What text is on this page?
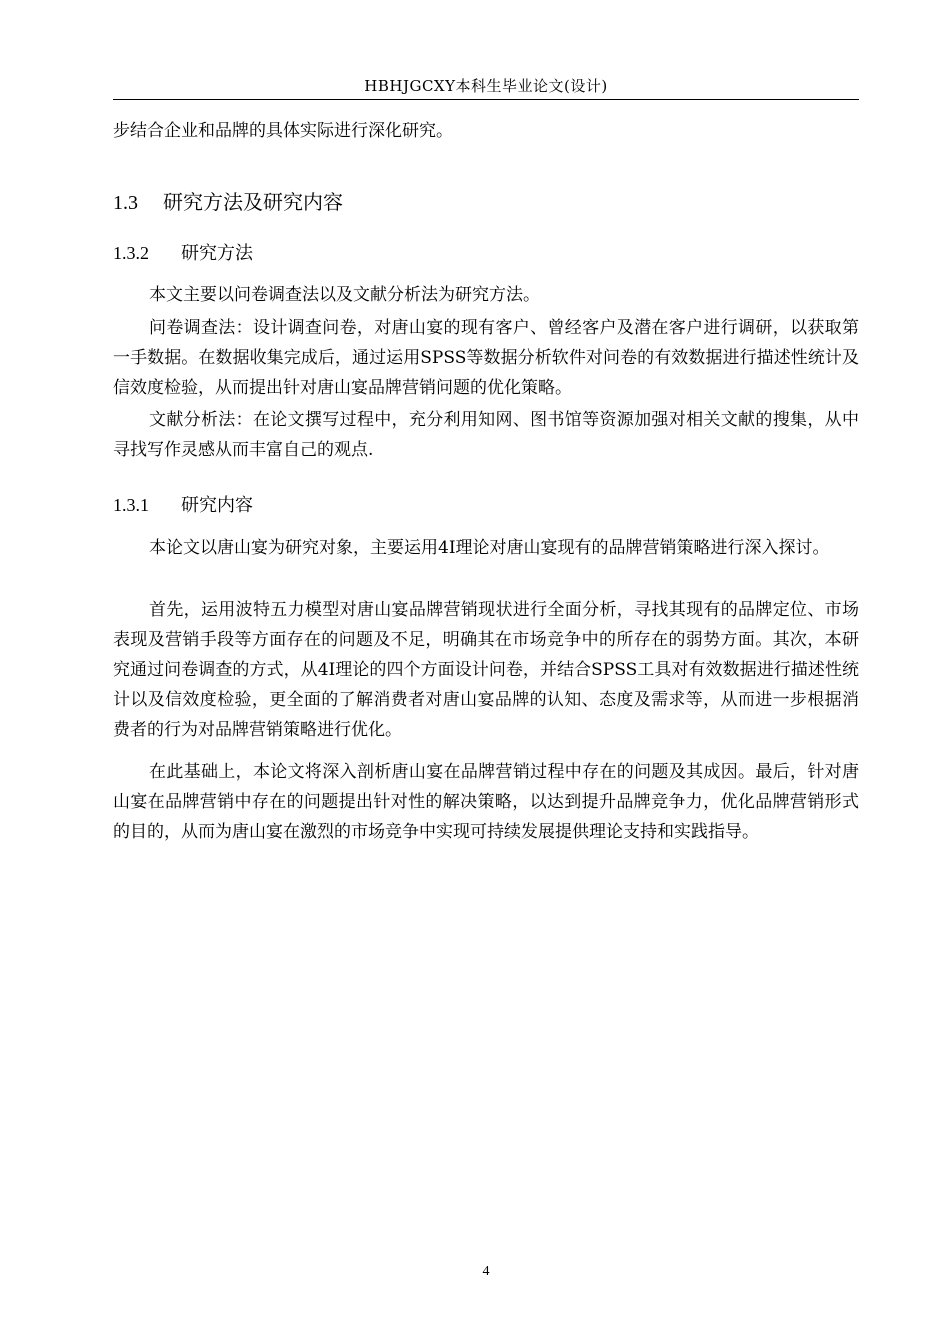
HBHJGCXY本科生毕业论文(设计)

步结合企业和品牌的具体实际进行深化研究。

1.3 研究方法及研究内容
1.3.2 研究方法

本文主要以问卷调查法以及文献分析法为研究方法。

问卷调查法：设计调查问卷，对唐山宴的现有客户、曾经客户及潜在客户进行调研，以获取第一手数据。在数据收集完成后，通过运用SPSS等数据分析软件对问卷的有效数据进行描述性统计及信效度检验，从而提出针对唐山宴品牌营销问题的优化策略。

文献分析法：在论文撰写过程中，充分利用知网、图书馆等资源加强对相关文献的搜集，从中寻找写作灵感从而丰富自己的观点.

1.3.1 研究内容

本论文以唐山宴为研究对象，主要运用4I理论对唐山宴现有的品牌营销策略进行深入探讨。

首先，运用波特五力模型对唐山宴品牌营销现状进行全面分析，寻找其现有的品牌定位、市场表现及营销手段等方面存在的问题及不足，明确其在市场竞争中的所存在的弱势方面。其次，本研究通过问卷调查的方式，从4I理论的四个方面设计问卷，并结合SPSS工具对有效数据进行描述性统计以及信效度检验，更全面的了解消费者对唐山宴品牌的认知、态度及需求等，从而进一步根据消费者的行为对品牌营销策略进行优化。

在此基础上，本论文将深入剖析唐山宴在品牌营销过程中存在的问题及其成因。最后，针对唐山宴在品牌营销中存在的问题提出针对性的解决策略，以达到提升品牌竞争力，优化品牌营销形式的目的，从而为唐山宴在激烈的市场竞争中实现可持续发展提供理论支持和实践指导。

4
